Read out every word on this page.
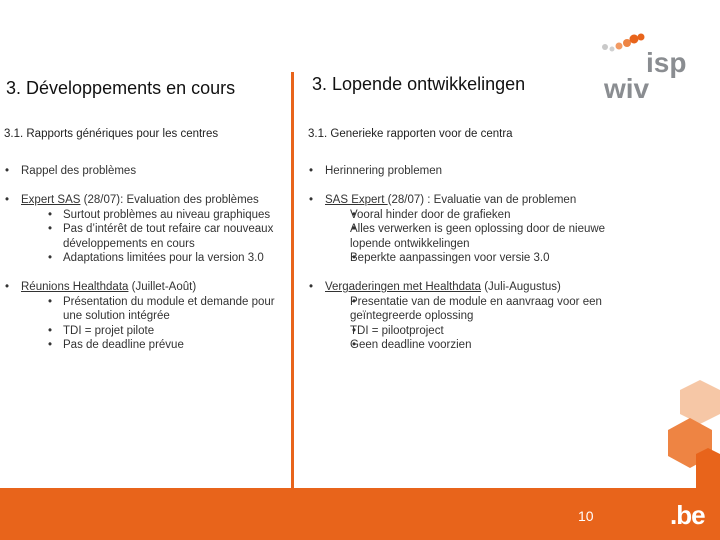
isp
wiv
3. Développements en cours	3. Lopende ontwikkelingen
3.1. Rapports génériques pour les centres
• Rappel des problèmes
• Expert SAS (28/07): Evaluation des problèmes
• Surtout problèmes au niveau graphiques
• Pas d’intérêt de tout refaire car nouveaux développements en cours
• Adaptations limitées pour la version 3.0
• Réunions Healthdata (Juillet-Août)
• Présentation du module et demande pour une solution intégrée
• TDI = projet pilote
• Pas de deadline prévue
3.1. Generieke rapporten voor de centra
• Herinnering problemen
• SAS Expert (28/07) : Evaluatie van de problemen
• Vooral hinder door de grafieken
• Alles verwerken is geen oplossing door de nieuwe lopende ontwikkelingen
• Beperkte aanpassingen voor versie 3.0
• Vergaderingen met Healthdata (Juli-Augustus)
• Presentatie van de module en aanvraag voor een geïntegreerde oplossing
• TDI = pilootproject
• Geen deadline voorzien
10	.be
